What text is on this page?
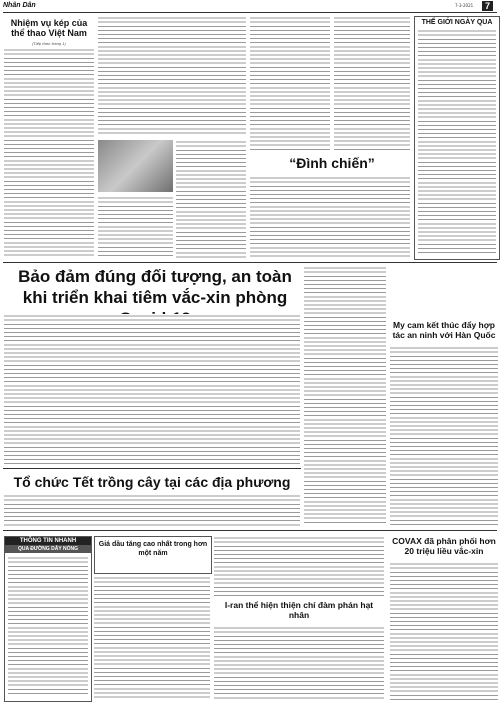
Nhân Dân	7-3-2021	7
Nhiệm vụ kép của thể thao Việt Nam
(Tiếp theo trang 1)
THẾ GIỚI NGÀY QUA
“Đình chiến”
Bảo đảm đúng đối tượng, an toàn khi triển khai tiêm vắc-xin phòng
My cam kết thúc đẩy hợp tác an ninh với Hàn Quốc
Tổ chức Tết trồng cây tại các địa phương
THÔNG TIN NHANH
QUA ĐƯỜNG DÂY NÓNG
Giá dầu tăng cao nhất trong hơn một năm
I-ran thể hiện thiện chí đàm phán hạt nhân
COVAX đã phân phối hơn 20 triệu liều vắc-xin
